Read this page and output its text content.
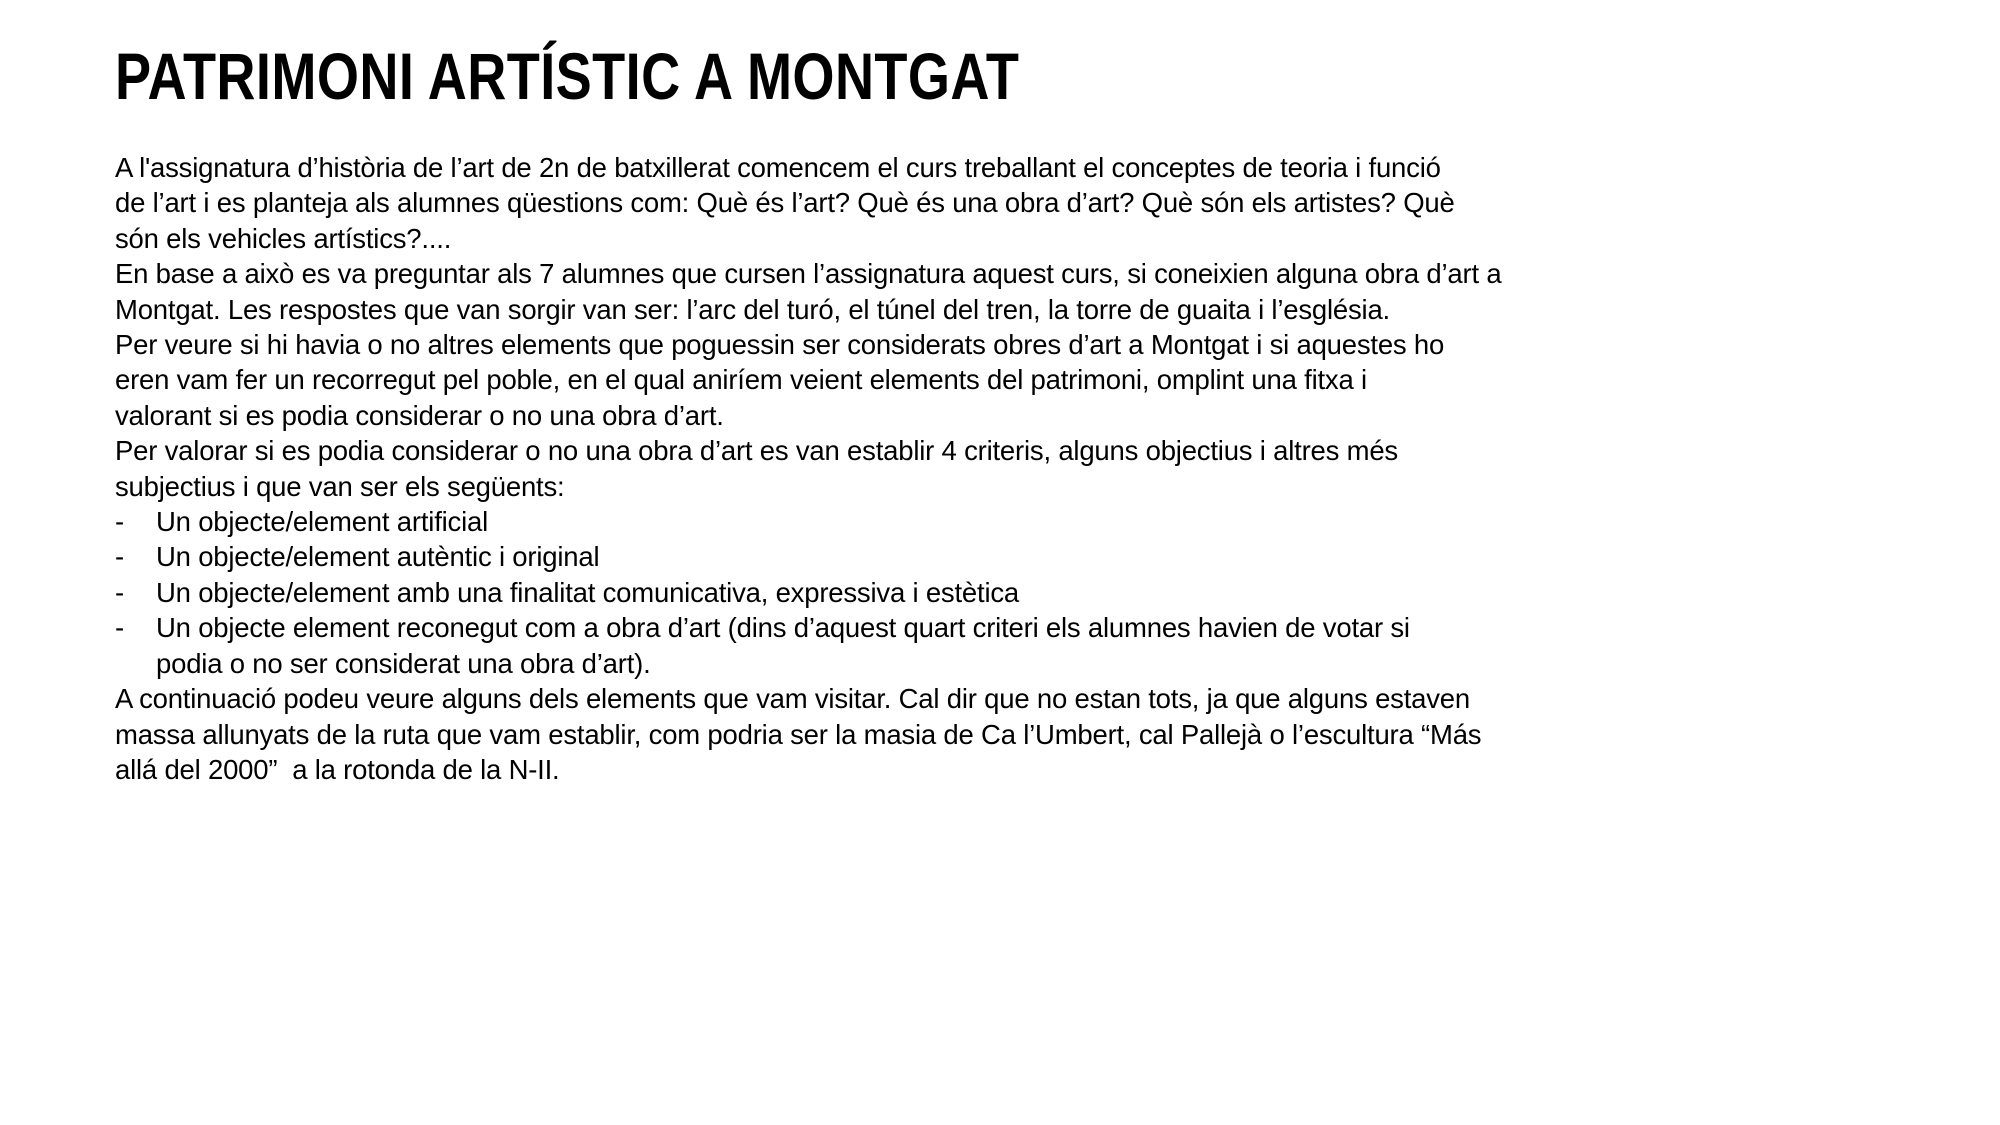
PATRIMONI ARTÍSTIC A MONTGAT
A l'assignatura d’història de l’art de 2n de batxillerat comencem el curs treballant el conceptes de teoria i funció
de l’art i es planteja als alumnes qüestions com: Què és l’art? Què és una obra d’art? Què són els artistes? Què
són els vehicles artístics?....
En base a això es va preguntar als 7 alumnes que cursen l’assignatura aquest curs, si coneixien alguna obra d’art a
Montgat. Les respostes que van sorgir van ser: l’arc del turó, el túnel del tren, la torre de guaita i l’església.
Per veure si hi havia o no altres elements que poguessin ser considerats obres d’art a Montgat i si aquestes ho
eren vam fer un recorregut pel poble, en el qual aniríem veient elements del patrimoni, omplint una fitxa i
valorant si es podia considerar o no una obra d’art.
Per valorar si es podia considerar o no una obra d’art es van establir 4 criteris, alguns objectius i altres més
subjectius i que van ser els següents:
- Un objecte/element artificial
- Un objecte/element autèntic i original
- Un objecte/element amb una finalitat comunicativa, expressiva i estètica
- Un objecte element reconegut com a obra d’art (dins d’aquest quart criteri els alumnes havien de votar si
podia o no ser considerat una obra d’art).
A continuació podeu veure alguns dels elements que vam visitar. Cal dir que no estan tots, ja que alguns estaven
massa allunyats de la ruta que vam establir, com podria ser la masia de Ca l’Umbert, cal Pallejà o l’escultura “Más
allá del 2000”  a la rotonda de la N-II.
